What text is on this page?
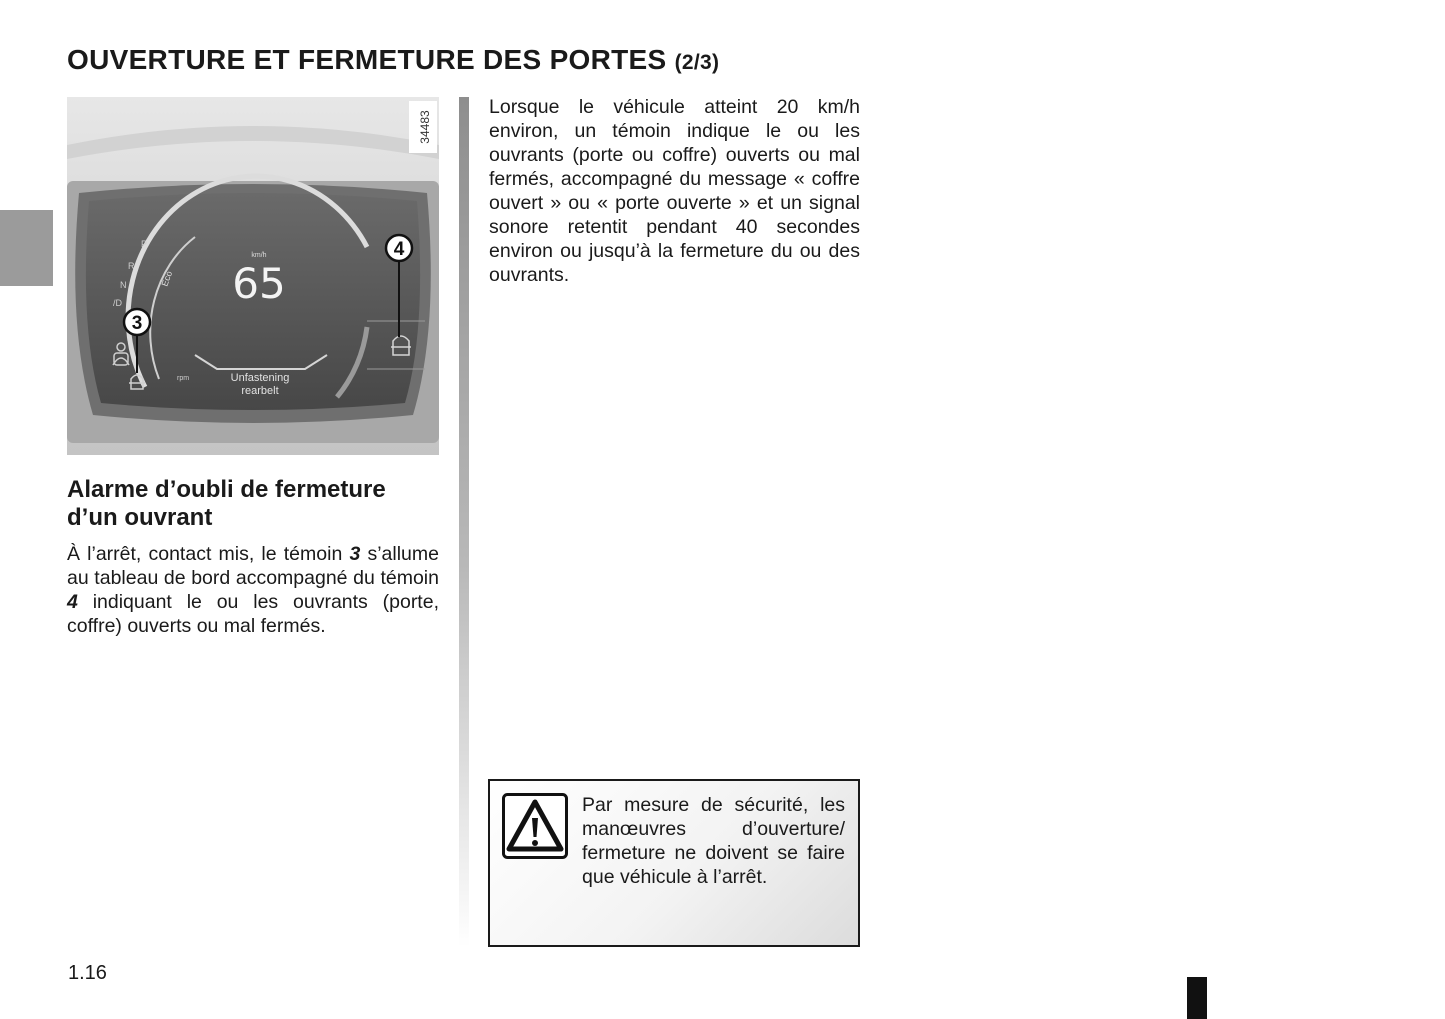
OUVERTURE ET FERMETURE DES PORTES (2/3)
34483
km/h
65
Eco
rpm
P
R
N
/D
Unfastening
rearbelt
3
4
Alarme d’oubli de fermeture d’un ouvrant

À l’arrêt, contact mis, le témoin 3 s’allume au tableau de bord accompagné du témoin 4 indiquant le ou les ouvrants (porte, coffre) ouverts ou mal fermés.

Lorsque le véhicule atteint 20 km/h environ, un témoin indique le ou les ouvrants (porte ou coffre) ouverts ou mal fermés, accompagné du message « coffre ouvert » ou « porte ouverte » et un signal sonore retentit pendant 40 secondes environ ou jusqu’à la fermeture du ou des ouvrants.

Par mesure de sécurité, les manœuvres d’ouverture/ fermeture ne doivent se faire que véhicule à l’arrêt.

1.16
